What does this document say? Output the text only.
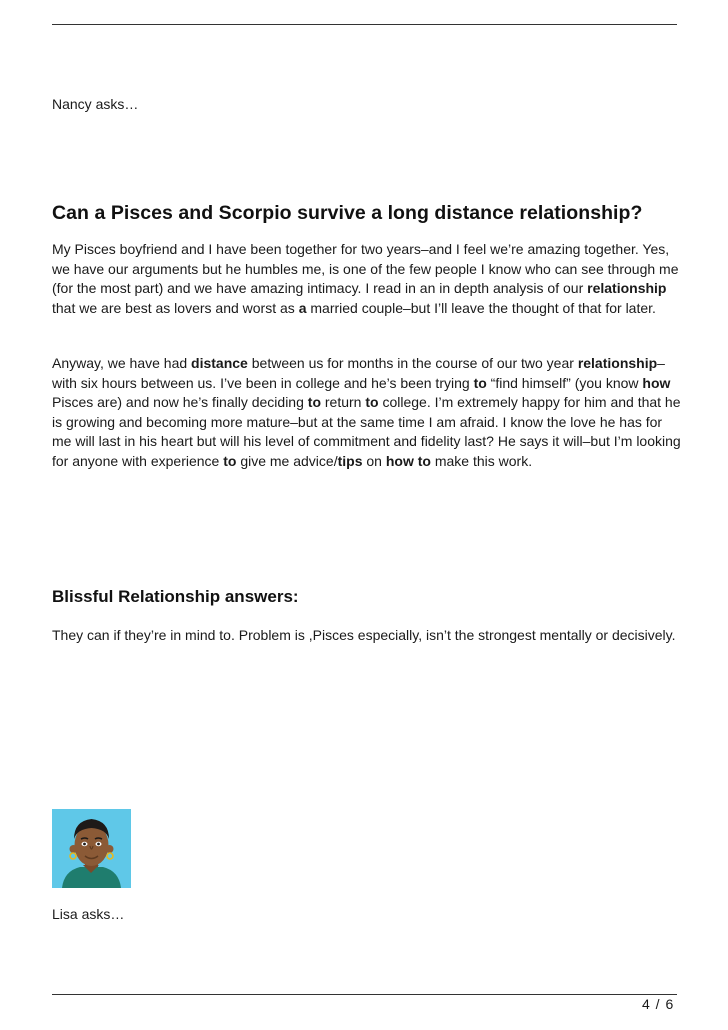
Nancy asks…
Can a Pisces and Scorpio survive a long distance relationship?

My Pisces boyfriend and I have been together for two years–and I feel we’re amazing together. Yes, we have our arguments but he humbles me, is one of the few people I know who can see through me (for the most part) and we have amazing intimacy. I read in an in depth analysis of our relationship that we are best as lovers and worst as a married couple–but I’ll leave the thought of that for later.

Anyway, we have had distance between us for months in the course of our two year relationship–with six hours between us. I’ve been in college and he’s been trying to “find himself” (you know how Pisces are) and now he’s finally deciding to return to college. I’m extremely happy for him and that he is growing and becoming more mature–but at the same time I am afraid. I know the love he has for me will last in his heart but will his level of commitment and fidelity last? He says it will–but I’m looking for anyone with experience to give me advice/tips on how to make this work.

Blissful Relationship answers:

They can if they’re in mind to. Problem is ,Pisces especially, isn’t the strongest mentally or decisively.

Lisa asks…
4 / 6
